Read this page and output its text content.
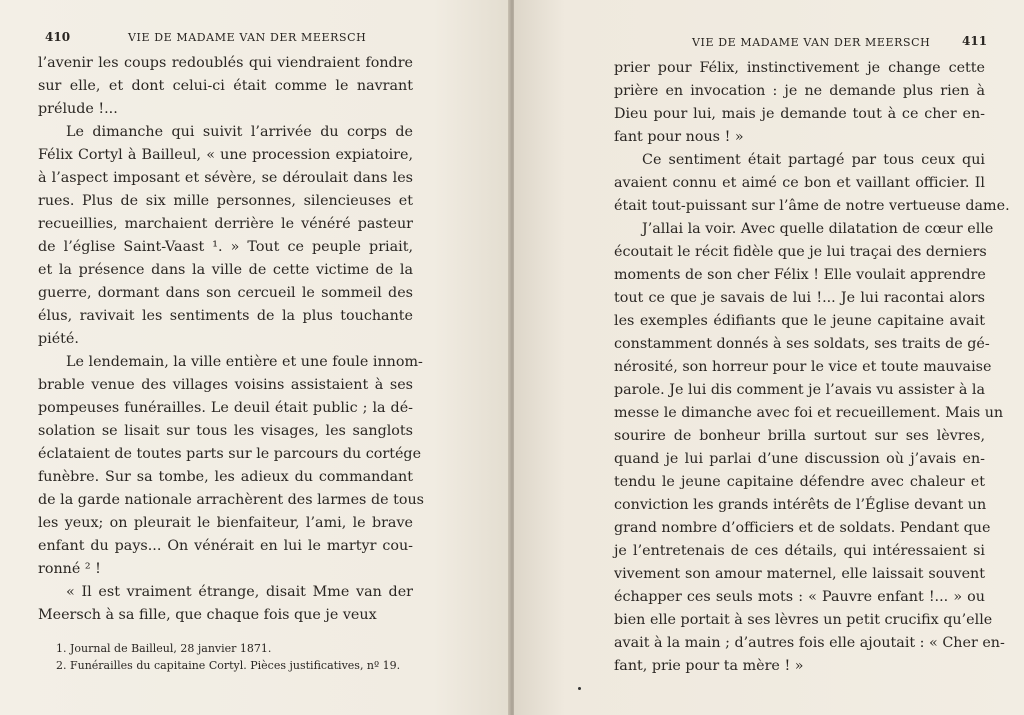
410	VIE DE MADAME VAN DER MEERSCH
l’avenir les coups redoublés qui viendraient fondre
sur elle, et dont celui-ci était comme le navrant
prélude !...
Le dimanche qui suivit l’arrivée du corps de
Félix Cortyl à Bailleul, « une procession expiatoire,
à l’aspect imposant et sévère, se déroulait dans les
rues. Plus de six mille personnes, silencieuses et
recueillies, marchaient derrière le vénéré pasteur
de l’église Saint-Vaast ¹. » Tout ce peuple priait,
et la présence dans la ville de cette victime de la
guerre, dormant dans son cercueil le sommeil des
élus, ravivait les sentiments de la plus touchante
piété.
Le lendemain, la ville entière et une foule innom-
brable venue des villages voisins assistaient à ses
pompeuses funérailles. Le deuil était public ; la dé-
solation se lisait sur tous les visages, les sanglots
éclataient de toutes parts sur le parcours du cortége
funèbre. Sur sa tombe, les adieux du commandant
de la garde nationale arrachèrent des larmes de tous
les yeux; on pleurait le bienfaiteur, l’ami, le brave
enfant du pays... On vénérait en lui le martyr cou-
ronné ² !
« Il est vraiment étrange, disait Mme van der
Meersch à sa fille, que chaque fois que je veux
1. Journal de Bailleul, 28 janvier 1871.
2. Funérailles du capitaine Cortyl. Pièces justificatives, nº 19.
VIE DE MADAME VAN DER MEERSCH	411
prier pour Félix, instinctivement je change cette
prière en invocation : je ne demande plus rien à
Dieu pour lui, mais je demande tout à ce cher en-
fant pour nous ! »
Ce sentiment était partagé par tous ceux qui
avaient connu et aimé ce bon et vaillant officier. Il
était tout-puissant sur l’âme de notre vertueuse dame.
J’allai la voir. Avec quelle dilatation de cœur elle
écoutait le récit fidèle que je lui traçai des derniers
moments de son cher Félix ! Elle voulait apprendre
tout ce que je savais de lui !... Je lui racontai alors
les exemples édifiants que le jeune capitaine avait
constamment donnés à ses soldats, ses traits de gé-
nérosité, son horreur pour le vice et toute mauvaise
parole. Je lui dis comment je l’avais vu assister à la
messe le dimanche avec foi et recueillement. Mais un
sourire de bonheur brilla surtout sur ses lèvres,
quand je lui parlai d’une discussion où j’avais en-
tendu le jeune capitaine défendre avec chaleur et
conviction les grands intérêts de l’Église devant un
grand nombre d’officiers et de soldats. Pendant que
je l’entretenais de ces détails, qui intéressaient si
vivement son amour maternel, elle laissait souvent
échapper ces seuls mots : « Pauvre enfant !... » ou
bien elle portait à ses lèvres un petit crucifix qu’elle
avait à la main ; d’autres fois elle ajoutait : « Cher en-
fant, prie pour ta mère ! »
